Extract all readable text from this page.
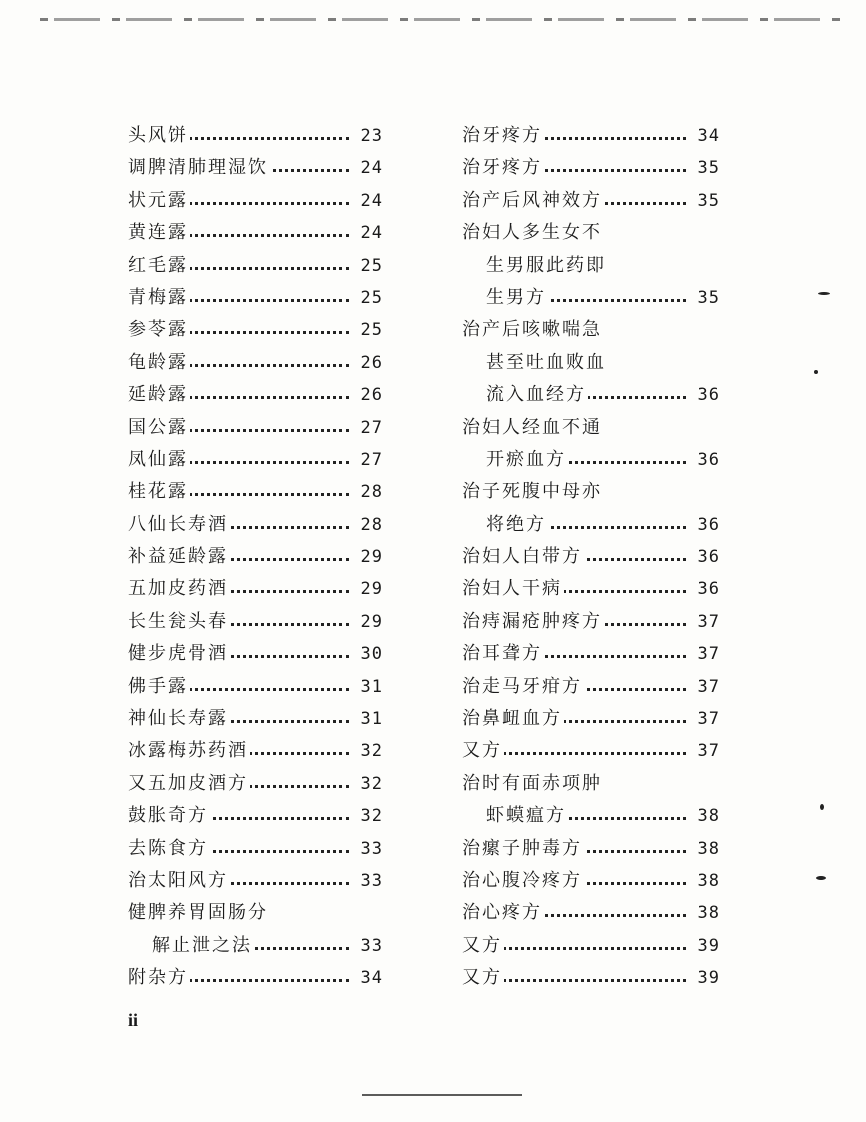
头风饼	23
调脾清肺理湿饮	24
状元露	24
黄连露	24
红毛露	25
青梅露	25
参苓露	25
龟龄露	26
延龄露	26
国公露	27
凤仙露	27
桂花露	28
八仙长寿酒	28
补益延龄露	29
五加皮药酒	29
长生瓮头春	29
健步虎骨酒	30
佛手露	31
神仙长寿露	31
冰露梅苏药酒	32
又五加皮酒方	32
鼓胀奇方	32
去陈食方	33
治太阳风方	33
健脾养胃固肠分
解止泄之法	33
附杂方	34
治牙疼方	34
治牙疼方	35
治产后风神效方	35
治妇人多生女不
生男服此药即
生男方	35
治产后咳嗽喘急
甚至吐血败血
流入血经方	36
治妇人经血不通
开瘀血方	36
治子死腹中母亦
将绝方	36
治妇人白带方	36
治妇人干病	36
治痔漏疮肿疼方	37
治耳聋方	37
治走马牙疳方	37
治鼻衄血方	37
又方	37
治时有面赤项肿
虾蟆瘟方	38
治瘰子肿毒方	38
治心腹冷疼方	38
治心疼方	38
又方	39
又方	39
ii
